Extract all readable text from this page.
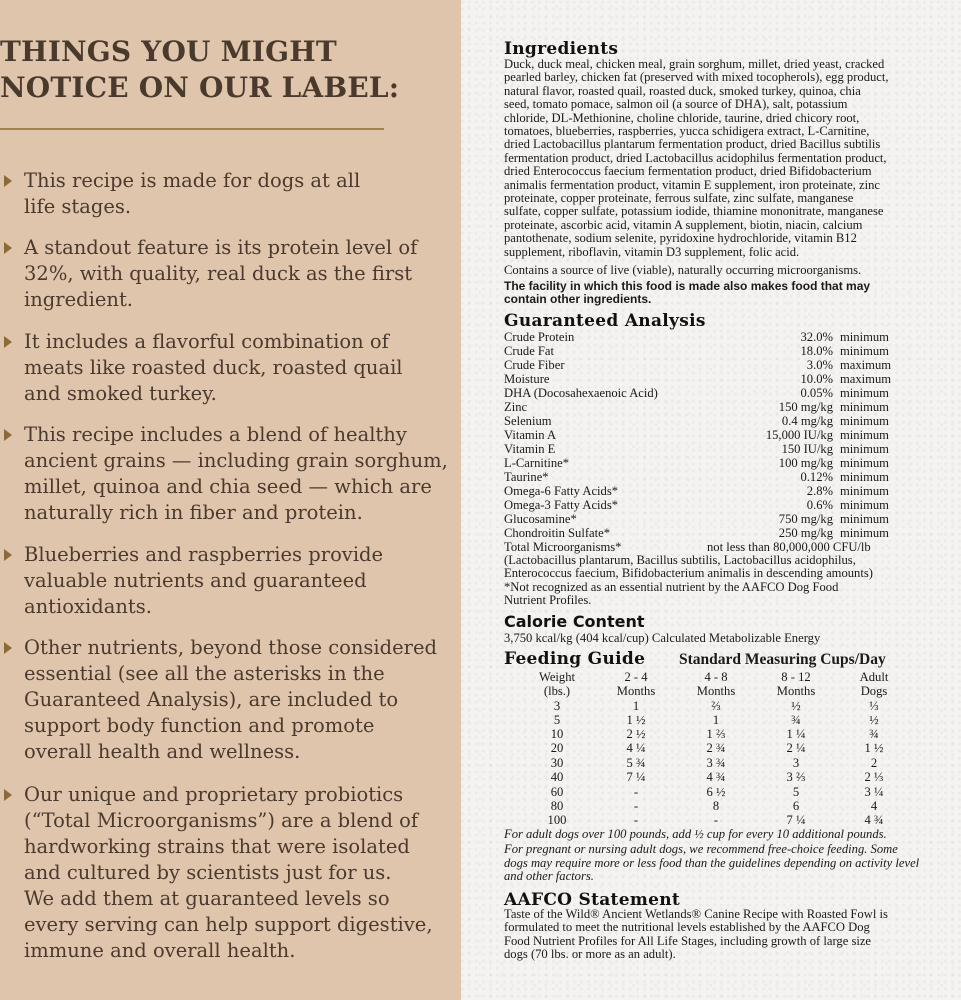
THINGS YOU MIGHT
NOTICE ON OUR LABEL:
This recipe is made for dogs at all
life stages.
A standout feature is its protein level of
32%, with quality, real duck as the first
ingredient.
It includes a flavorful combination of
meats like roasted duck, roasted quail
and smoked turkey.
This recipe includes a blend of healthy
ancient grains — including grain sorghum,
millet, quinoa and chia seed — which are
naturally rich in fiber and protein.
Blueberries and raspberries provide
valuable nutrients and guaranteed
antioxidants.
Other nutrients, beyond those considered
essential (see all the asterisks in the
Guaranteed Analysis), are included to
support body function and promote
overall health and wellness.
Our unique and proprietary probiotics
(“Total Microorganisms”) are a blend of
hardworking strains that were isolated
and cultured by scientists just for us.
We add them at guaranteed levels so
every serving can help support digestive,
immune and overall health.
Ingredients
Duck, duck meal, chicken meal, grain sorghum, millet, dried yeast, cracked
pearled barley, chicken fat (preserved with mixed tocopherols), egg product,
natural flavor, roasted quail, roasted duck, smoked turkey, quinoa, chia
seed, tomato pomace, salmon oil (a source of DHA), salt, potassium
chloride, DL-Methionine, choline chloride, taurine, dried chicory root,
tomatoes, blueberries, raspberries, yucca schidigera extract, L-Carnitine,
dried Lactobacillus plantarum fermentation product, dried Bacillus subtilis
fermentation product, dried Lactobacillus acidophilus fermentation product,
dried Enterococcus faecium fermentation product, dried Bifidobacterium
animalis fermentation product, vitamin E supplement, iron proteinate, zinc
proteinate, copper proteinate, ferrous sulfate, zinc sulfate, manganese
sulfate, copper sulfate, potassium iodide, thiamine mononitrate, manganese
proteinate, ascorbic acid, vitamin A supplement, biotin, niacin, calcium
pantothenate, sodium selenite, pyridoxine hydrochloride, vitamin B12
supplement, riboflavin, vitamin D3 supplement, folic acid.
Contains a source of live (viable), naturally occurring microorganisms.
The facility in which this food is made also makes food that may
contain other ingredients.
Guaranteed Analysis
Crude Protein	32.0% minimum
Crude Fat	18.0% minimum
Crude Fiber	3.0% maximum
Moisture	10.0% maximum
DHA (Docosahexaenoic Acid)	0.05% minimum
Zinc	150 mg/kg minimum
Selenium	0.4 mg/kg minimum
Vitamin A	15,000 IU/kg minimum
Vitamin E	150 IU/kg minimum
L-Carnitine*	100 mg/kg minimum
Taurine*	0.12% minimum
Omega-6 Fatty Acids*	2.8% minimum
Omega-3 Fatty Acids*	0.6% minimum
Glucosamine*	750 mg/kg minimum
Chondroitin Sulfate*	250 mg/kg minimum
Total Microorganisms*	not less than 80,000,000 CFU/lb
(Lactobacillus plantarum, Bacillus subtilis, Lactobacillus acidophilus,
Enterococcus faecium, Bifidobacterium animalis in descending amounts)
*Not recognized as an essential nutrient by the AAFCO Dog Food
Nutrient Profiles.
Calorie Content
3,750 kcal/kg (404 kcal/cup) Calculated Metabolizable Energy
Feeding Guide Standard Measuring Cups/Day
Weight	2 - 4	4 - 8	8 - 12	Adult
(lbs.)	Months	Months	Months	Dogs
3	1	⅔	½	⅓
5	1 ½	1	¾	½
10	2 ½	1 ⅔	1 ¼	¾
20	4 ¼	2 ¾	2 ¼	1 ½
30	5 ¾	3 ¾	3	2
40	7 ¼	4 ¾	3 ⅔	2 ⅓
60	-	6 ½	5	3 ¼
80	-	8	6	4
100	-	-	7 ¼	4 ¾
For adult dogs over 100 pounds, add ½ cup for every 10 additional pounds.
For pregnant or nursing adult dogs, we recommend free-choice feeding. Some
dogs may require more or less food than the guidelines depending on activity level
and other factors.
AAFCO Statement
Taste of the Wild® Ancient Wetlands® Canine Recipe with Roasted Fowl is
formulated to meet the nutritional levels established by the AAFCO Dog
Food Nutrient Profiles for All Life Stages, including growth of large size
dogs (70 lbs. or more as an adult).
